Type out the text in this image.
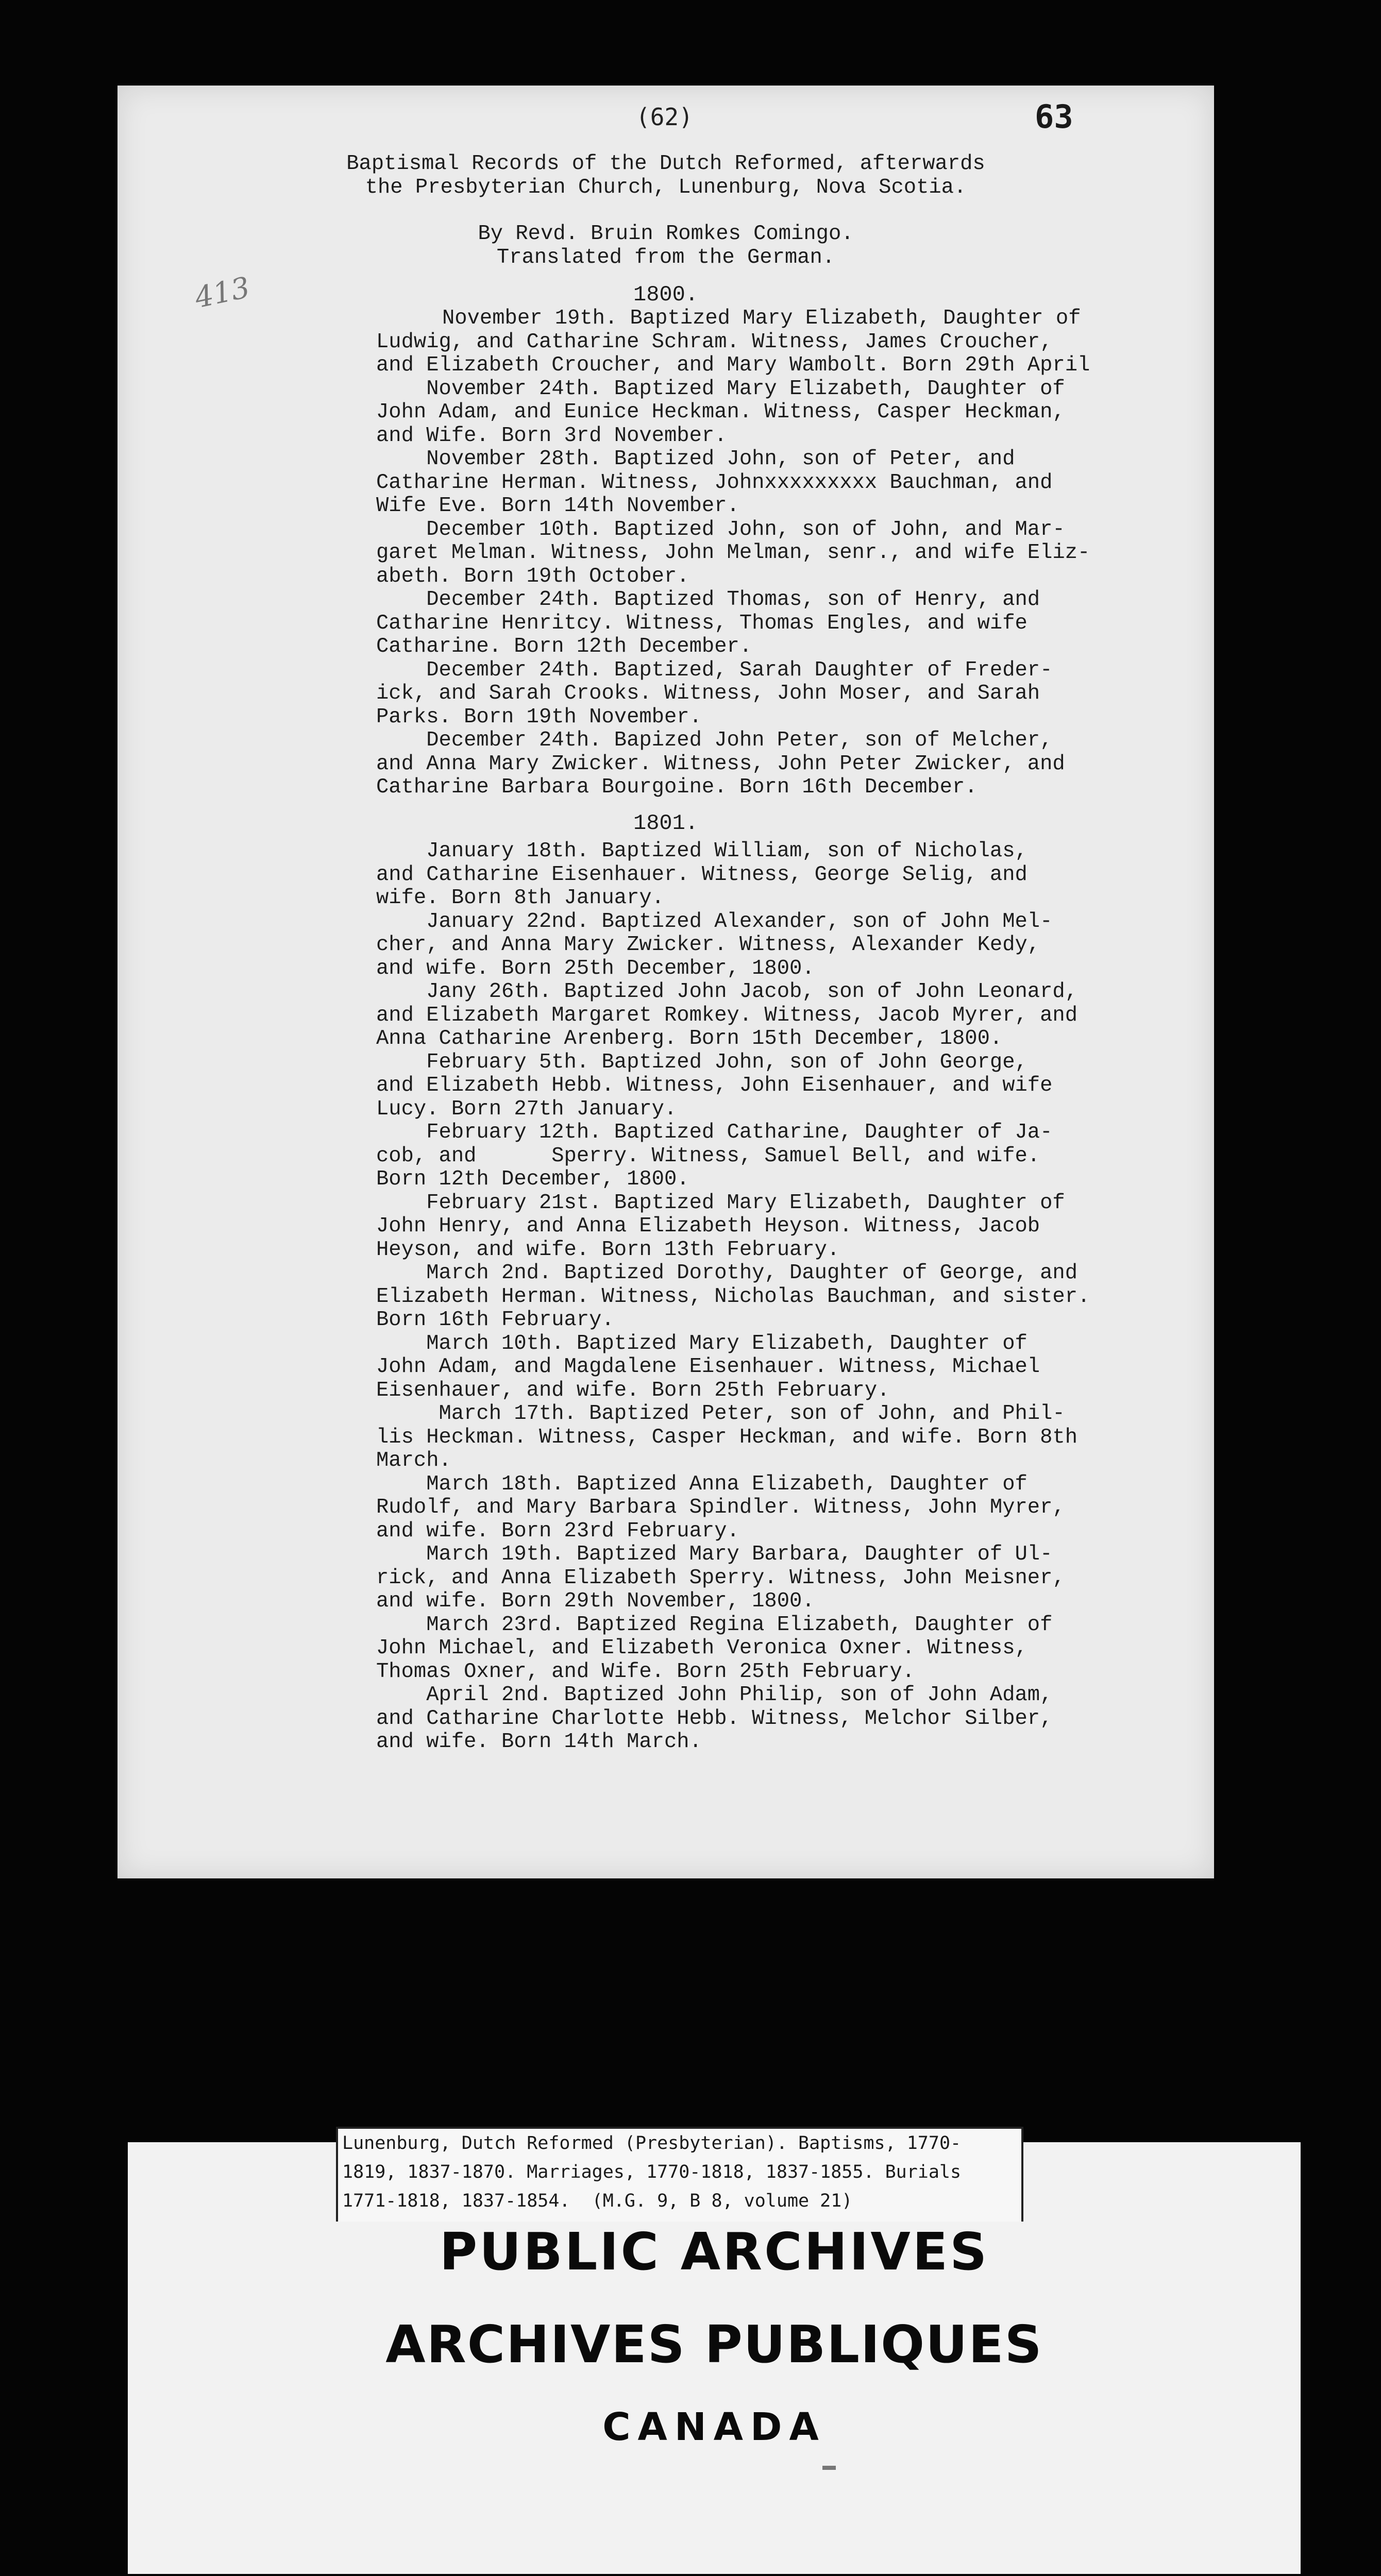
(62)	63

413

Baptismal Records of the Dutch Reformed, afterwards

the Presbyterian Church, Lunenburg, Nova Scotia.

By Revd. Bruin Romkes Comingo.

Translated from the German.

1800.

November 19th. Baptized Mary Elizabeth, Daughter of

Ludwig, and Catharine Schram. Witness, James Croucher,

and Elizabeth Croucher, and Mary Wambolt. Born 29th April

November 24th. Baptized Mary Elizabeth, Daughter of

John Adam, and Eunice Heckman. Witness, Casper Heckman,

and Wife. Born 3rd November.

November 28th. Baptized John, son of Peter, and

Catharine Herman. Witness, Johnxxxxxxxxx Bauchman, and

Wife Eve. Born 14th November.

December 10th. Baptized John, son of John, and Mar-

garet Melman. Witness, John Melman, senr., and wife Eliz-

abeth. Born 19th October.

December 24th. Baptized Thomas, son of Henry, and

Catharine Henritcy. Witness, Thomas Engles, and wife

Catharine. Born 12th December.

December 24th. Baptized, Sarah Daughter of Freder-

ick, and Sarah Crooks. Witness, John Moser, and Sarah

Parks. Born 19th November.

December 24th. Bapized John Peter, son of Melcher,

and Anna Mary Zwicker. Witness, John Peter Zwicker, and

Catharine Barbara Bourgoine. Born 16th December.

1801.

January 18th. Baptized William, son of Nicholas,

and Catharine Eisenhauer. Witness, George Selig, and

wife. Born 8th January.

January 22nd. Baptized Alexander, son of John Mel-

cher, and Anna Mary Zwicker. Witness, Alexander Kedy,

and wife. Born 25th December, 1800.

Jany 26th. Baptized John Jacob, son of John Leonard,

and Elizabeth Margaret Romkey. Witness, Jacob Myrer, and

Anna Catharine Arenberg. Born 15th December, 1800.

February 5th. Baptized John, son of John George,

and Elizabeth Hebb. Witness, John Eisenhauer, and wife

Lucy. Born 27th January.

February 12th. Baptized Catharine, Daughter of Ja-

cob, and      Sperry. Witness, Samuel Bell, and wife.

Born 12th December, 1800.

February 21st. Baptized Mary Elizabeth, Daughter of

John Henry, and Anna Elizabeth Heyson. Witness, Jacob

Heyson, and wife. Born 13th February.

March 2nd. Baptized Dorothy, Daughter of George, and

Elizabeth Herman. Witness, Nicholas Bauchman, and sister.

Born 16th February.

March 10th. Baptized Mary Elizabeth, Daughter of

John Adam, and Magdalene Eisenhauer. Witness, Michael

Eisenhauer, and wife. Born 25th February.

March 17th. Baptized Peter, son of John, and Phil-

lis Heckman. Witness, Casper Heckman, and wife. Born 8th

March.

March 18th. Baptized Anna Elizabeth, Daughter of

Rudolf, and Mary Barbara Spindler. Witness, John Myrer,

and wife. Born 23rd February.

March 19th. Baptized Mary Barbara, Daughter of Ul-

rick, and Anna Elizabeth Sperry. Witness, John Meisner,

and wife. Born 29th November, 1800.

March 23rd. Baptized Regina Elizabeth, Daughter of

John Michael, and Elizabeth Veronica Oxner. Witness,

Thomas Oxner, and Wife. Born 25th February.

April 2nd. Baptized John Philip, son of John Adam,

and Catharine Charlotte Hebb. Witness, Melchor Silber,

and wife. Born 14th March.

Lunenburg, Dutch Reformed (Presbyterian). Baptisms, 1770-

1819, 1837-1870. Marriages, 1770-1818, 1837-1855. Burials

1771-1818, 1837-1854.  (M.G. 9, B 8, volume 21)

PUBLIC ARCHIVES

ARCHIVES PUBLIQUES

CANADA
